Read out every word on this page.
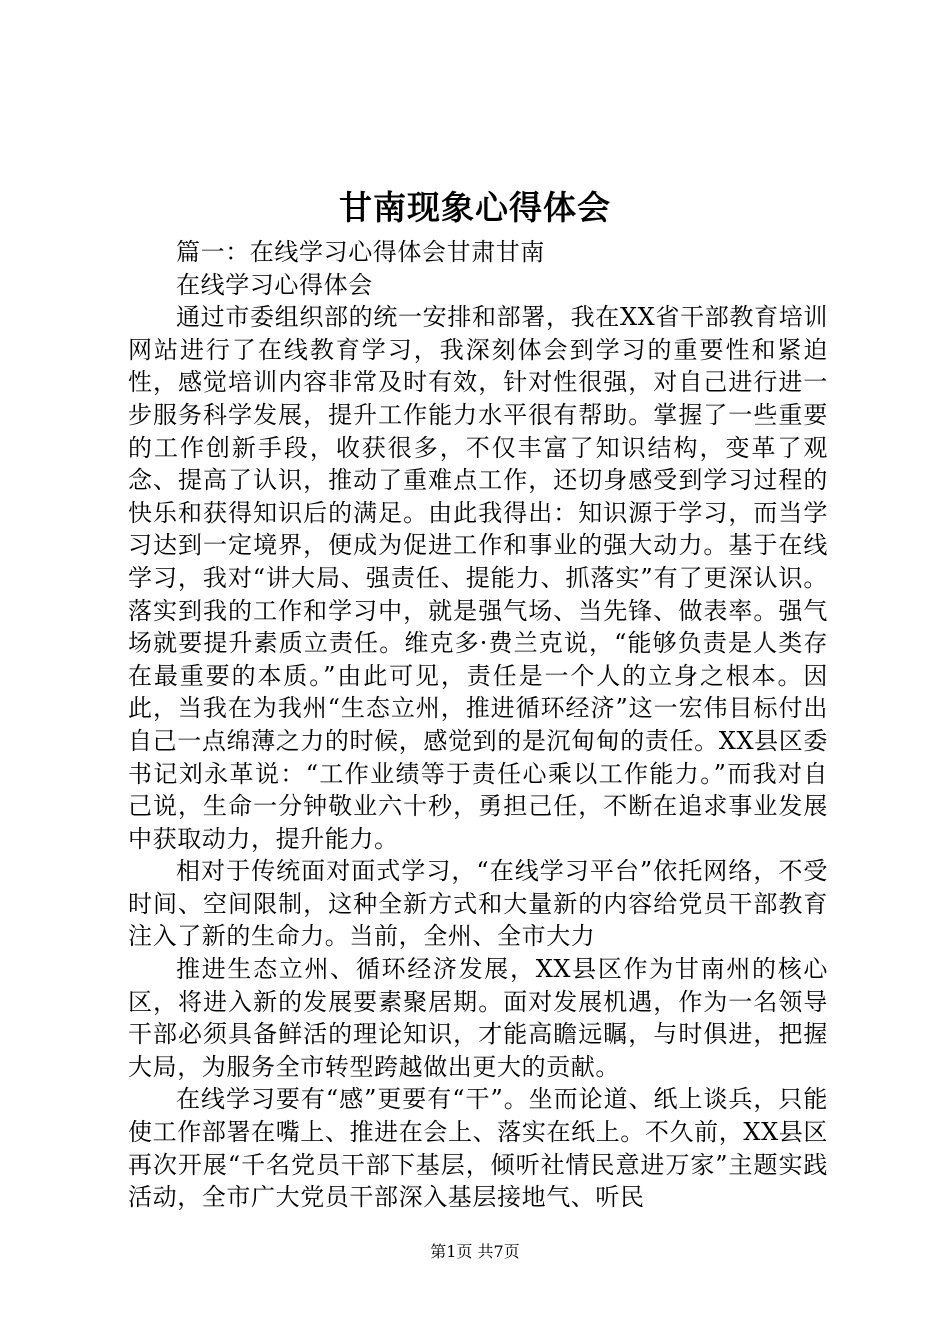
甘南现象心得体会

篇一：在线学习心得体会甘肃甘南

在线学习心得体会

通过市委组织部的统一安排和部署，我在XX省干部教育培训网站进行了在线教育学习，我深刻体会到学习的重要性和紧迫性，感觉培训内容非常及时有效，针对性很强，对自己进行进一步服务科学发展，提升工作能力水平很有帮助。掌握了一些重要的工作创新手段，收获很多，不仅丰富了知识结构，变革了观念、提高了认识，推动了重难点工作，还切身感受到学习过程的快乐和获得知识后的满足。由此我得出：知识源于学习，而当学习达到一定境界，便成为促进工作和事业的强大动力。基于在线学习，我对“讲大局、强责任、提能力、抓落实”有了更深认识。落实到我的工作和学习中，就是强气场、当先锋、做表率。强气场就要提升素质立责任。维克多·费兰克说，“能够负责是人类存在最重要的本质。”由此可见，责任是一个人的立身之根本。因此，当我在为我州“生态立州，推进循环经济”这一宏伟目标付出自己一点绵薄之力的时候，感觉到的是沉甸甸的责任。XX县区委书记刘永革说：“工作业绩等于责任心乘以工作能力。”而我对自己说，生命一分钟敬业六十秒，勇担己任，不断在追求事业发展中获取动力，提升能力。

相对于传统面对面式学习，“在线学习平台”依托网络，不受时间、空间限制，这种全新方式和大量新的内容给党员干部教育注入了新的生命力。当前，全州、全市大力

推进生态立州、循环经济发展，XX县区作为甘南州的核心区，将进入新的发展要素聚居期。面对发展机遇，作为一名领导干部必须具备鲜活的理论知识，才能高瞻远瞩，与时俱进，把握大局，为服务全市转型跨越做出更大的贡献。

在线学习要有“感”更要有“干”。坐而论道、纸上谈兵，只能使工作部署在嘴上、推进在会上、落实在纸上。不久前，XX县区再次开展“千名党员干部下基层，倾听社情民意进万家”主题实践活动，全市广大党员干部深入基层接地气、听民

第1页 共7页
